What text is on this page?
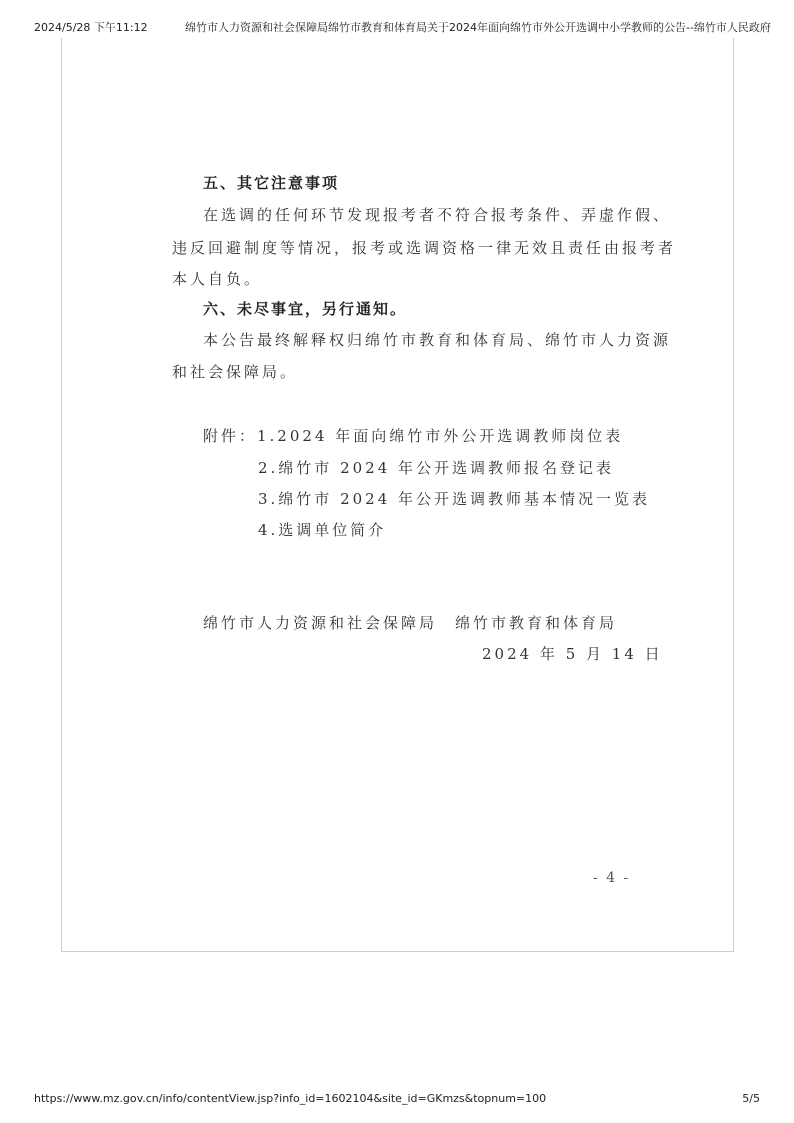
2024/5/28 下午11:12	绵竹市人力资源和社会保障局绵竹市教育和体育局关于2024年面向绵竹市外公开选调中小学教师的公告--绵竹市人民政府
五、其它注意事项
在选调的任何环节发现报考者不符合报考条件、弄虚作假、
违反回避制度等情况，报考或选调资格一律无效且责任由报考者
本人自负。
六、未尽事宜，另行通知。
本公告最终解释权归绵竹市教育和体育局、绵竹市人力资源
和社会保障局。
附件：1.2024 年面向绵竹市外公开选调教师岗位表
2.绵竹市 2024 年公开选调教师报名登记表
3.绵竹市 2024 年公开选调教师基本情况一览表
4.选调单位简介
绵竹市人力资源和社会保障局　绵竹市教育和体育局
2024 年 5 月 14 日
- 4 -
https://www.mz.gov.cn/info/contentView.jsp?info_id=1602104&site_id=GKmzs&topnum=100	5/5
